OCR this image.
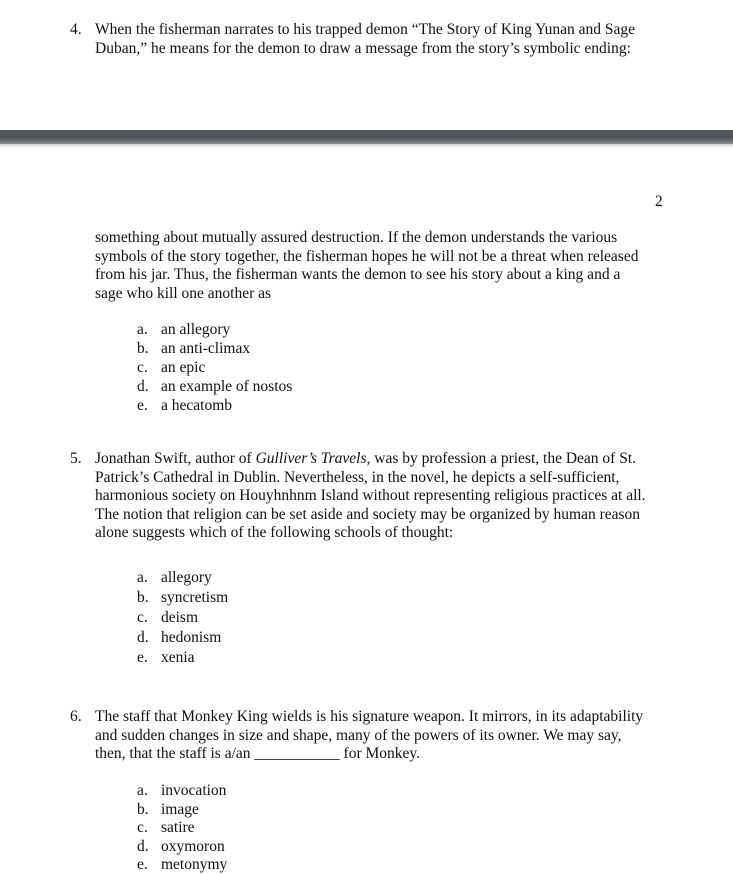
4. When the fisherman narrates to his trapped demon “The Story of King Yunan and Sage
Duban,” he means for the demon to draw a message from the story’s symbolic ending:
2
something about mutually assured destruction. If the demon understands the various
symbols of the story together, the fisherman hopes he will not be a threat when released
from his jar. Thus, the fisherman wants the demon to see his story about a king and a
sage who kill one another as
a. an allegory
b. an anti-climax
c. an epic
d. an example of nostos
e. a hecatomb
5. Jonathan Swift, author of Gulliver’s Travels, was by profession a priest, the Dean of St.
Patrick’s Cathedral in Dublin. Nevertheless, in the novel, he depicts a self-sufficient,
harmonious society on Houyhnhnm Island without representing religious practices at all.
The notion that religion can be set aside and society may be organized by human reason
alone suggests which of the following schools of thought:
a. allegory
b. syncretism
c. deism
d. hedonism
e. xenia
6. The staff that Monkey King wields is his signature weapon. It mirrors, in its adaptability
and sudden changes in size and shape, many of the powers of its owner. We may say,
then, that the staff is a/an ___________ for Monkey.
a. invocation
b. image
c. satire
d. oxymoron
e. metonymy
